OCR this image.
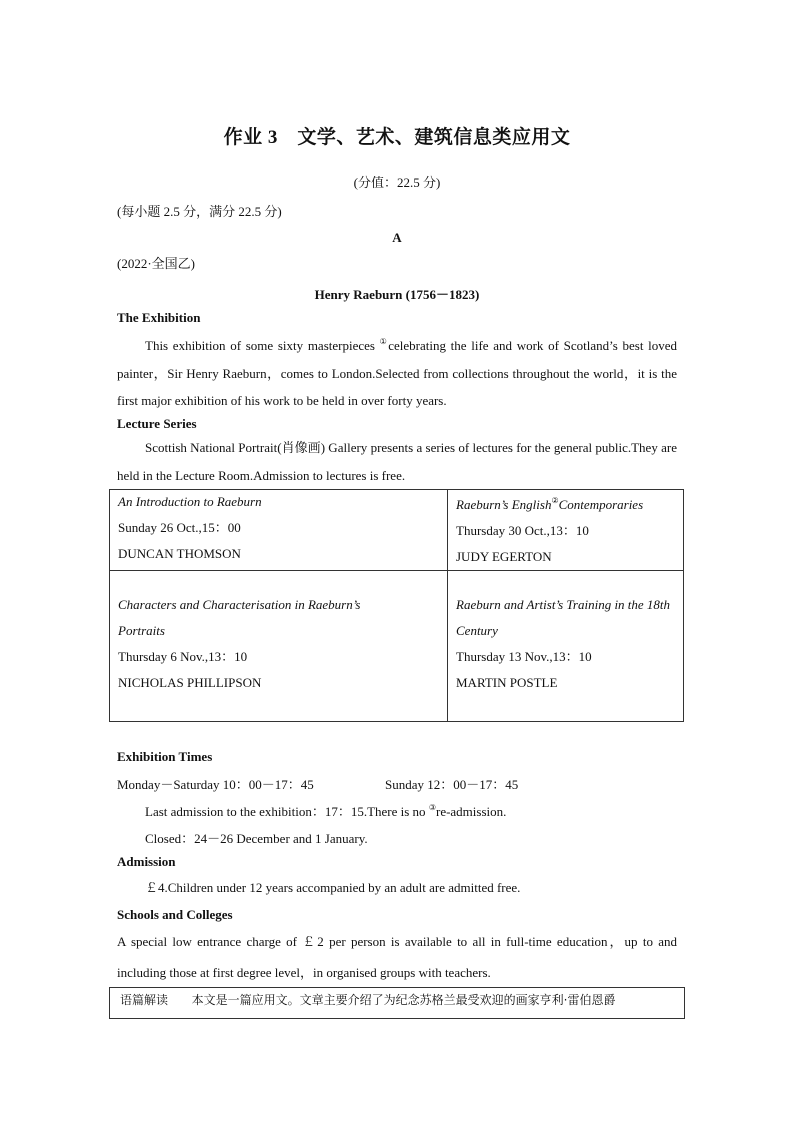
作业 3　文学、艺术、建筑信息类应用文
(分值：22.5 分)
(每小题 2.5 分，满分 22.5 分)
A
(2022·全国乙)
Henry Raeburn (1756－1823)
The Exhibition
This exhibition of some sixty masterpieces ①celebrating the life and work of Scotland’s best loved painter，Sir Henry Raeburn，comes to London.Selected from collections throughout the world，it is the first major exhibition of his work to be held in over forty years.
Lecture Series
Scottish National Portrait(肖像画) Gallery presents a series of lectures for the general public.They are held in the Lecture Room.Admission to lectures is free.
An Introduction to Raeburn
Sunday 26 Oct.,15：00
DUNCAN THOMSON
Raeburn’s English②Contemporaries
Thursday 30 Oct.,13：10
JUDY EGERTON
Characters and Characterisation in Raeburn’s Portraits
Thursday 6 Nov.,13：10
NICHOLAS PHILLIPSON
Raeburn and Artist’s Training in the 18th Century
Thursday 13 Nov.,13：10
MARTIN POSTLE
Exhibition Times
Monday－Saturday 10：00－17：45	Sunday 12：00－17：45
Last admission to the exhibition：17：15.There is no ③re-admission.
Closed：24－26 December and 1 January.
Admission
￡4.Children under 12 years accompanied by an adult are admitted free.
Schools and Colleges
A special low entrance charge of ￡2 per person is available to all in full-time education，up to and including those at first degree level，in organised groups with teachers.
语篇解读 本文是一篇应用文。文章主要介绍了为纪念苏格兰最受欢迎的画家亨利·雷伯恩爵
